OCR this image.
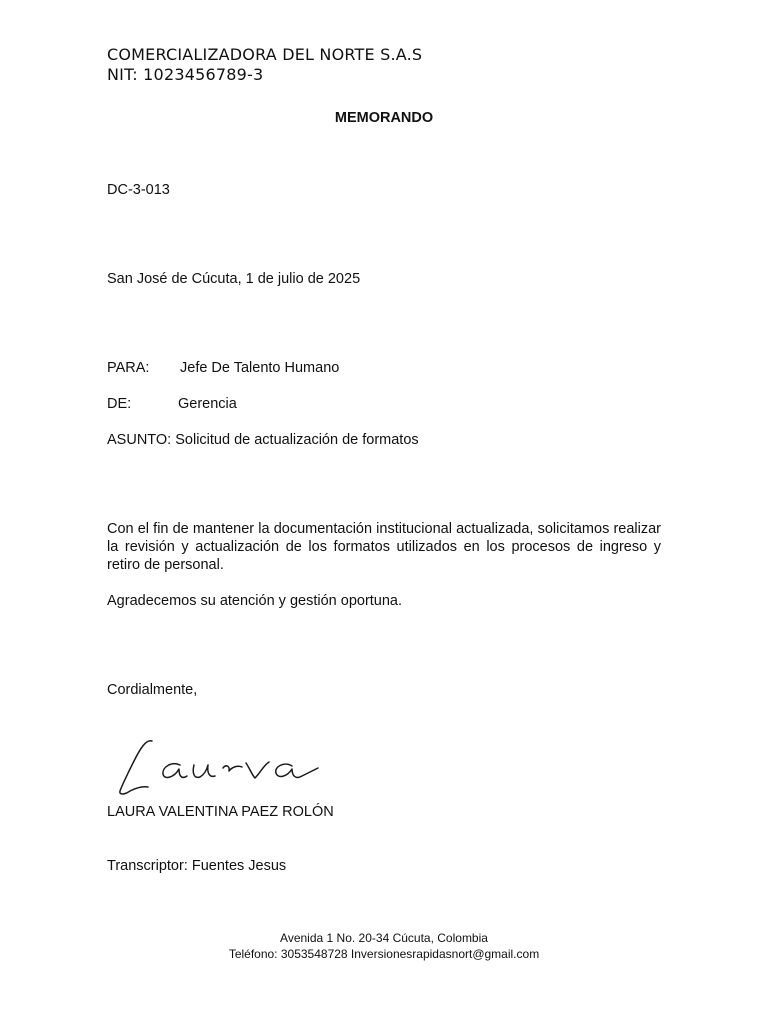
COMERCIALIZADORA DEL NORTE S.A.S
NIT: 1023456789-3
MEMORANDO
DC-3-013
San José de Cúcuta, 1 de julio de 2025
PARA: Jefe De Talento Humano
DE:	Gerencia
ASUNTO: Solicitud de actualización de formatos
Con el fin de mantener la documentación institucional actualizada, solicitamos realizar la revisión y actualización de los formatos utilizados en los procesos de ingreso y retiro de personal.
Agradecemos su atención y gestión oportuna.
Cordialmente,
LAURA VALENTINA PAEZ ROLÓN
Transcriptor: Fuentes Jesus
Avenida 1 No. 20-34 Cúcuta, Colombia
Teléfono: 3053548728 Inversionesrapidasnort@gmail.com
